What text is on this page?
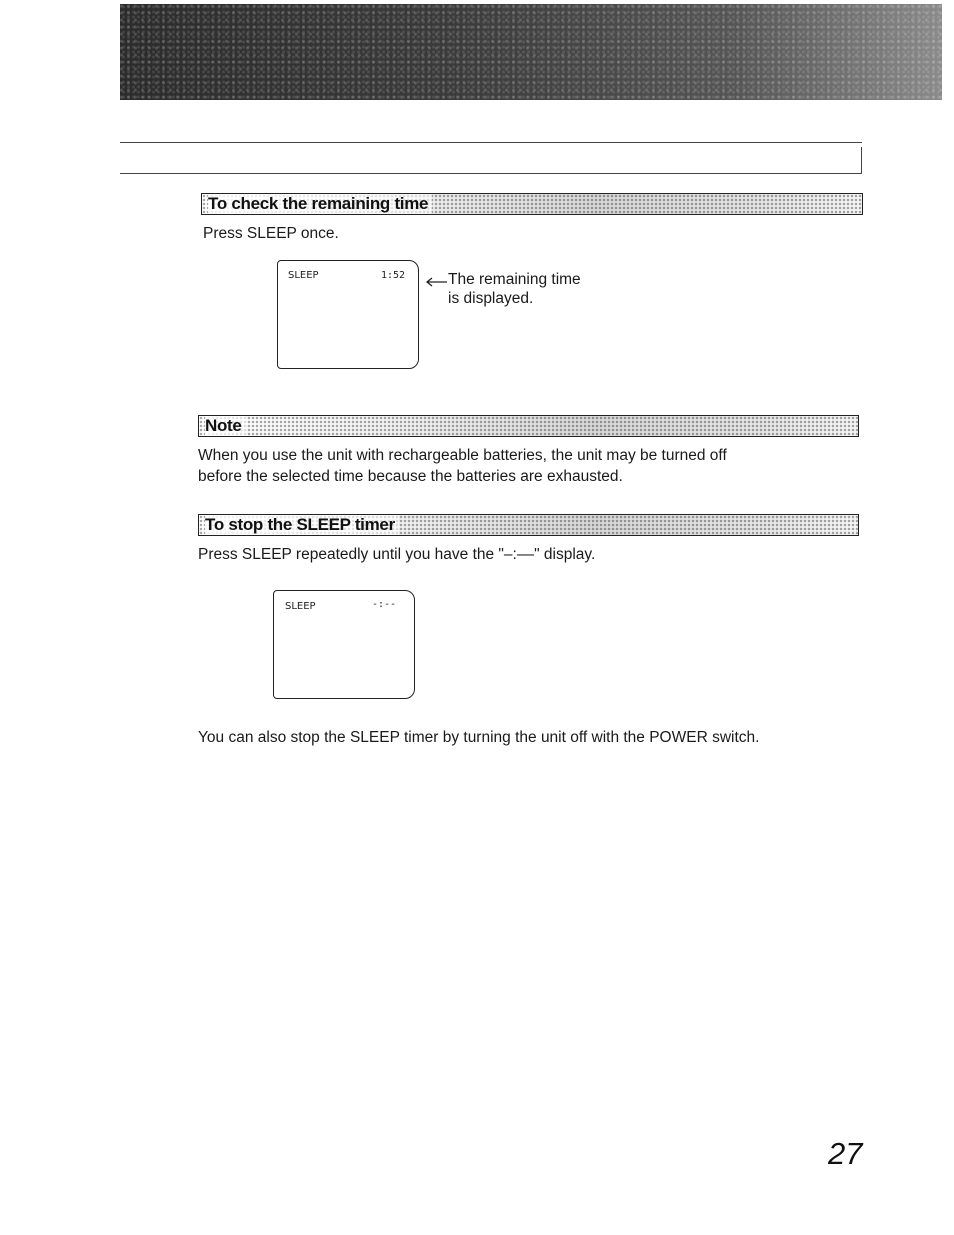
To check the remaining time
Press SLEEP once.
SLEEP	1:52	The remaining time
is displayed.
Note
When you use the unit with rechargeable batteries, the unit may be turned off
before the selected time because the batteries are exhausted.
To stop the SLEEP timer
Press SLEEP repeatedly until you have the "–:––" display.
SLEEP	-:--
You can also stop the SLEEP timer by turning the unit off with the POWER switch.
27
